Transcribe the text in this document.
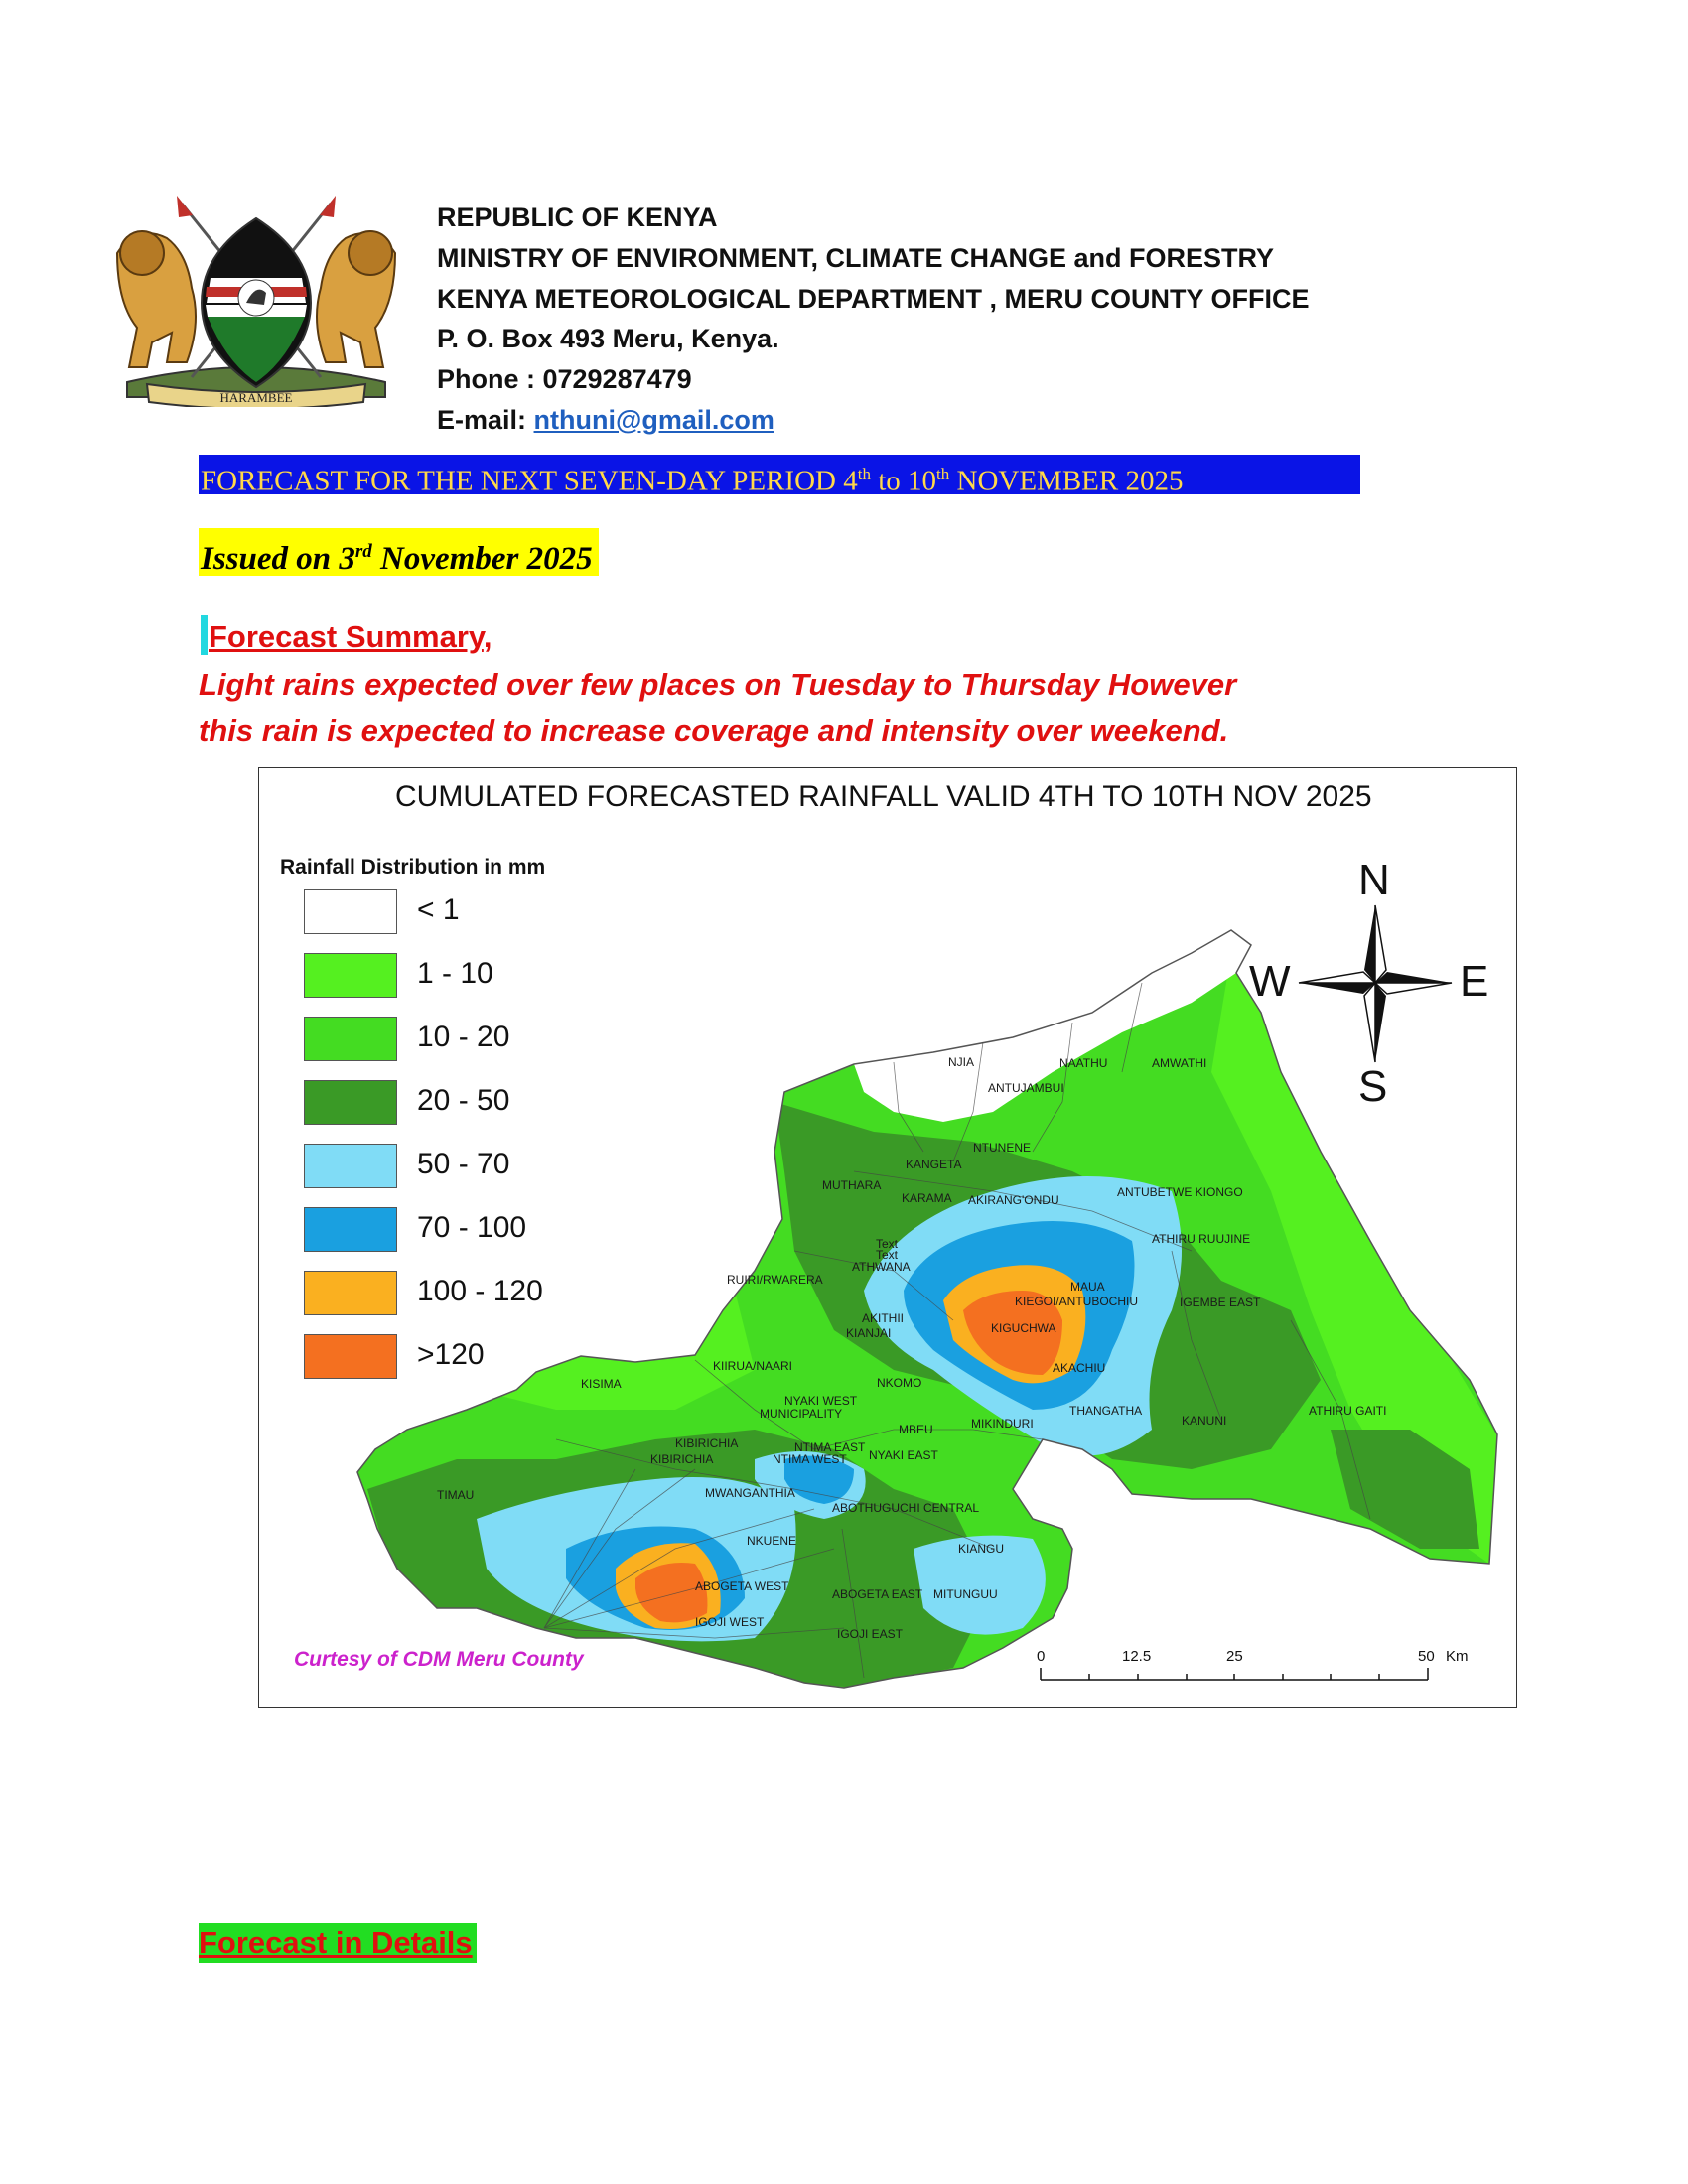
HARAMBEE
REPUBLIC OF KENYA
MINISTRY OF ENVIRONMENT, CLIMATE CHANGE and FORESTRY
KENYA METEOROLOGICAL DEPARTMENT , MERU COUNTY OFFICE
P. O. Box 493 Meru, Kenya.
Phone : 0729287479
E-mail: nthuni@gmail.com
FORECAST FOR THE NEXT SEVEN-DAY PERIOD 4th to 10th NOVEMBER 2025
Issued on 3rd November 2025
Forecast Summary,
Light rains expected over few places on Tuesday to Thursday However
this rain is expected to increase coverage and intensity over weekend.
CUMULATED FORECASTED RAINFALL VALID 4TH TO 10TH NOV 2025
Rainfall Distribution in mm
< 1
1 - 10
10 - 20
20 - 50
50 - 70
70 - 100
100 - 120
>120
NJIA	NAATHU	AMWATHI
ANTUJAMBUI
NTUNENE
KANGETA
MUTHARA
KARAMA AKIRANG'ONDU
ANTUBETWE KIONGO
ATHIRU RUUJINE
Text
Text
ATHWANA
RUIRI/RWARERA	MAUA
KIEGOI/ANTUBOCHIU	IGEMBE EAST
AKITHII
KIANJAI	KIGUCHWA
AKACHIU
KISIMA
KIIRUA/NAARI
NKOMO
NYAKI WEST
MUNICIPALITY
MBEU	MIKINDURI
THANGATHA
KANUNI
ATHIRU GAITI
KIBIRICHIA
KIBIRICHIA
NTIMA EAST
NTIMA WEST NYAKI EAST
TIMAU	MWANGANTHIA
ABOTHUGUCHI CENTRAL
NKUENE
KIANGU
ABOGETA WEST
ABOGETA EAST MITUNGUU
IGOJI WEST
IGOJI EAST
N
S
W	E
0	12.5	25	50 Km
Curtesy of CDM Meru County
Forecast in Details
